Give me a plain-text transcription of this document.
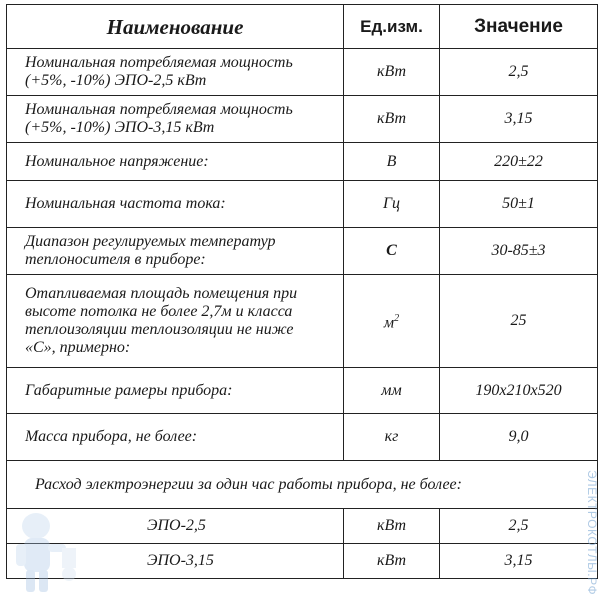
Наименование	Ед.изм.	Значение
Номинальная потребляемая мощность
(+5%, -10%) ЭПО-2,5 кВт	кВт	2,5
Номинальная потребляемая мощность
(+5%, -10%) ЭПО-3,15 кВт	кВт	3,15
Номинальное напряжение:	В	220±22
Номинальная частота тока:	Гц	50±1
Диапазон регулируемых температур
теплоносителя в приборе:	С	30-85±3
Отапливаемая площадь помещения при
высоте потолка не более 2,7м и класса
теплоизоляции теплоизоляции не ниже
«С», примерно:	$м^2$	25
Габаритные рамеры прибора:	мм	190х210х520
Масса прибора, не более:	кг	9,0
Расход электроэнергии за один час работы прибора, не более:		
ЭПО-2,5	кВт	2,5
ЭПО-3,15	кВт	3,15	ЭЛЕКТРОКОТЛЫ.РФ
